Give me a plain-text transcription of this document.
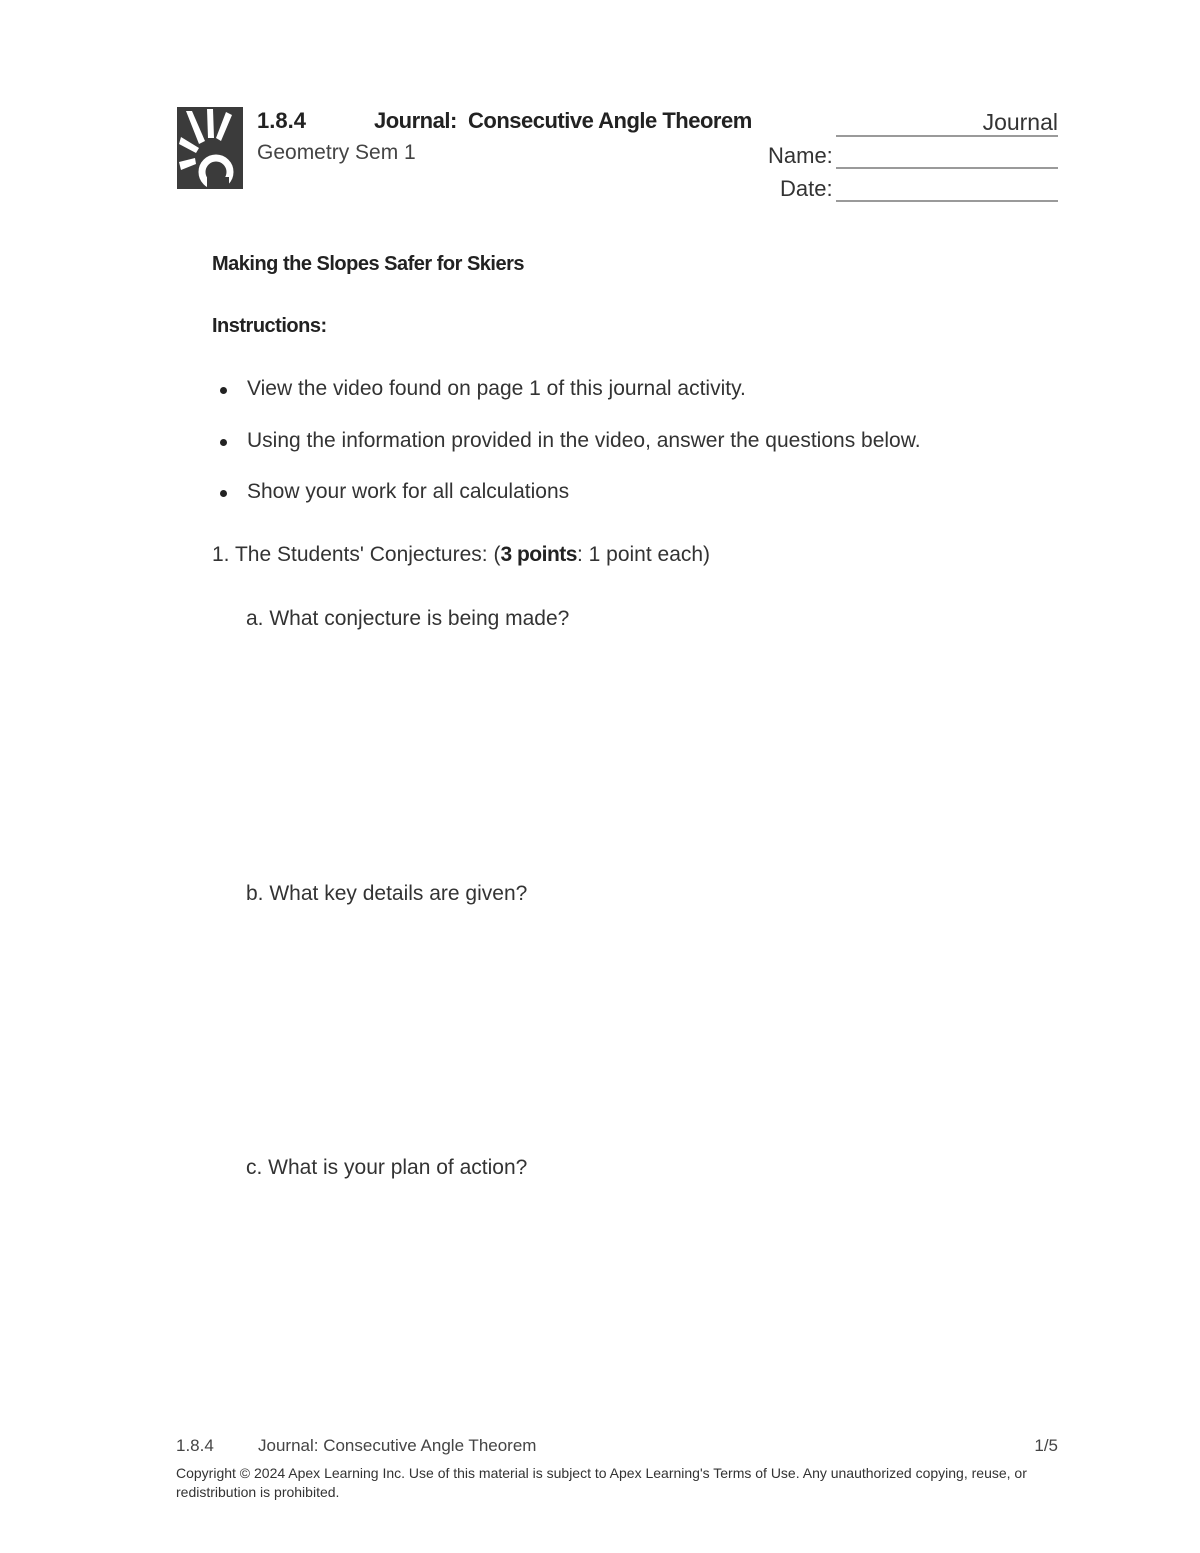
1.8.4	Journal:  Consecutive Angle Theorem	Journal
Geometry Sem 1	Name:
Date:
Making the Slopes Safer for Skiers
Instructions:
View the video found on page 1 of this journal activity.
Using the information provided in the video, answer the questions below.
Show your work for all calculations
1. The Students' Conjectures: (3 points: 1 point each)
a. What conjecture is being made?
b. What key details are given?
c. What is your plan of action?
1.8.4	Journal: Consecutive Angle Theorem	1/5
Copyright © 2024 Apex Learning Inc. Use of this material is subject to Apex Learning's Terms of Use. Any unauthorized copying, reuse, or redistribution is prohibited.
